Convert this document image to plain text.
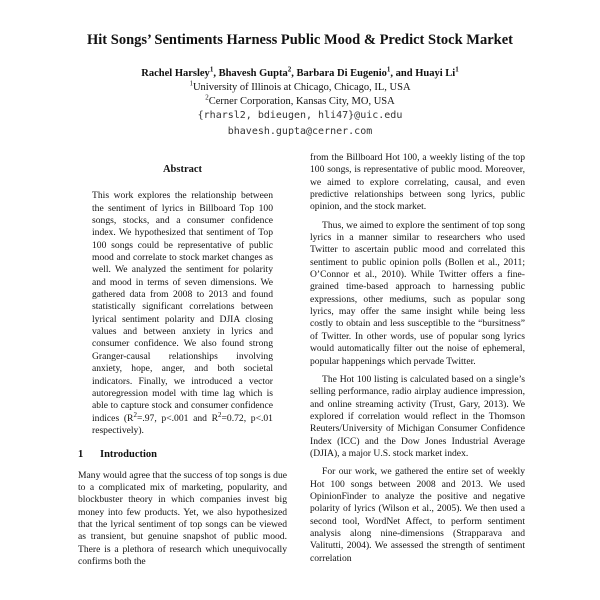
Hit Songs’ Sentiments Harness Public Mood & Predict Stock Market
Rachel Harsley$^1$, Bhavesh Gupta$^2$, Barbara Di Eugenio$^1$, and Huayi Li$^1$
$^1$University of Illinois at Chicago, Chicago, IL, USA
$^2$Cerner Corporation, Kansas City, MO, USA
{rharsl2, bdieugen, hli47}@uic.edu
bhavesh.gupta@cerner.com
Abstract

This work explores the relationship between the sentiment of lyrics in Billboard Top 100 songs, stocks, and a consumer confidence index. We hypothesized that sentiment of Top 100 songs could be representative of public mood and correlate to stock market changes as well. We analyzed the sentiment for polarity and mood in terms of seven dimensions. We gathered data from 2008 to 2013 and found statistically significant correlations between lyrical sentiment polarity and DJIA closing values and between anxiety in lyrics and consumer confidence. We also found strong Granger-causal relationships involving anxiety, hope, anger, and both societal indicators. Finally, we introduced a vector autoregression model with time lag which is able to capture stock and consumer confidence indices ($R^2=.97$, p<.001 and $R^2=0.72$, p<.01 respectively).

1 Introduction

Many would agree that the success of top songs is due to a complicated mix of marketing, popularity, and blockbuster theory in which companies invest big money into few products. Yet, we also hypothesized that the lyrical sentiment of top songs can be viewed as transient, but genuine snapshot of public mood. There is a plethora of research which unequivocally confirms both the

from the Billboard Hot 100, a weekly listing of the top 100 songs, is representative of public mood. Moreover, we aimed to explore correlating, causal, and even predictive relationships between song lyrics, public opinion, and the stock market.

Thus, we aimed to explore the sentiment of top song lyrics in a manner similar to researchers who used Twitter to ascertain public mood and correlated this sentiment to public opinion polls (Bollen et al., 2011; O’Connor et al., 2010). While Twitter offers a fine-grained time-based approach to harnessing public expressions, other mediums, such as popular song lyrics, may offer the same insight while being less costly to obtain and less susceptible to the “bursitness” of Twitter. In other words, use of popular song lyrics would automatically filter out the noise of ephemeral, popular happenings which pervade Twitter.

The Hot 100 listing is calculated based on a single’s selling performance, radio airplay audience impression, and online streaming activity (Trust, Gary, 2013). We explored if correlation would reflect in the Thomson Reuters/University of Michigan Consumer Confidence Index (ICC) and the Dow Jones Industrial Average (DJIA), a major U.S. stock market index.

For our work, we gathered the entire set of weekly Hot 100 songs between 2008 and 2013. We used OpinionFinder to analyze the positive and negative polarity of lyrics (Wilson et al., 2005). We then used a second tool, WordNet Affect, to perform sentiment analysis along nine-dimensions (Strapparava and Valitutti, 2004). We assessed the strength of sentiment correlation
